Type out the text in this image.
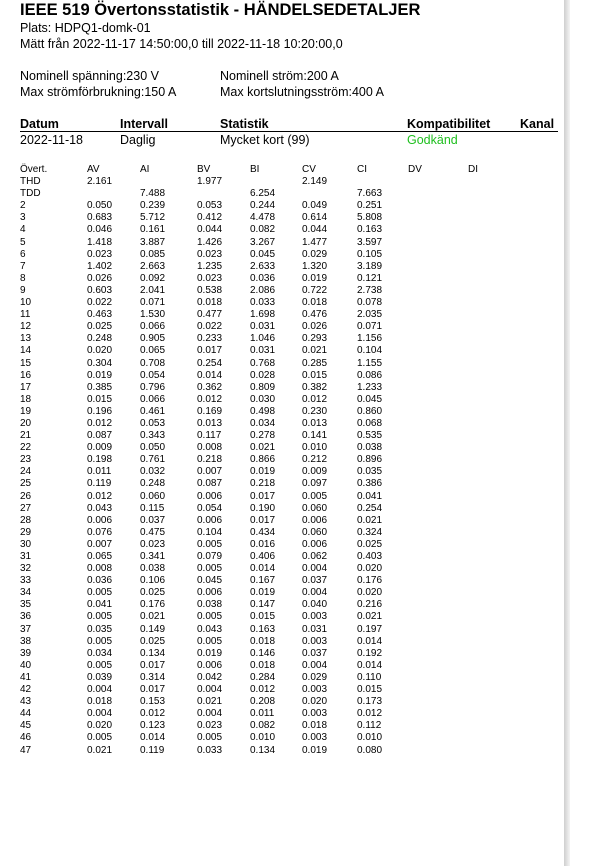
IEEE 519 Övertonsstatistik - HÄNDELSEDETALJER
Plats: HDPQ1-domk-01
Mätt från 2022-11-17 14:50:00,0 till 2022-11-18 10:20:00,0
Nominell spänning:230 V	Nominell ström:200 A
Max strömförbrukning:150 A	Max kortslutningsström:400 A
Datum	Intervall	Statistik	Kompatibilitet Kanal
2022-11-18	Daglig	Mycket kort (99)	Godkänd
Övert.	AV	AI	BV	BI	CV	CI	DV	DI
THD	2.161		1.977		2.149			
TDD		7.488		6.254		7.663		
2	0.050	0.239	0.053	0.244	0.049	0.251		
3	0.683	5.712	0.412	4.478	0.614	5.808		
4	0.046	0.161	0.044	0.082	0.044	0.163		
5	1.418	3.887	1.426	3.267	1.477	3.597		
6	0.023	0.085	0.023	0.045	0.029	0.105		
7	1.402	2.663	1.235	2.633	1.320	3.189		
8	0.026	0.092	0.023	0.036	0.019	0.121		
9	0.603	2.041	0.538	2.086	0.722	2.738		
10	0.022	0.071	0.018	0.033	0.018	0.078		
11	0.463	1.530	0.477	1.698	0.476	2.035		
12	0.025	0.066	0.022	0.031	0.026	0.071		
13	0.248	0.905	0.233	1.046	0.293	1.156		
14	0.020	0.065	0.017	0.031	0.021	0.104		
15	0.304	0.708	0.254	0.768	0.285	1.155		
16	0.019	0.054	0.014	0.028	0.015	0.086		
17	0.385	0.796	0.362	0.809	0.382	1.233		
18	0.015	0.066	0.012	0.030	0.012	0.045		
19	0.196	0.461	0.169	0.498	0.230	0.860		
20	0.012	0.053	0.013	0.034	0.013	0.068		
21	0.087	0.343	0.117	0.278	0.141	0.535		
22	0.009	0.050	0.008	0.021	0.010	0.038		
23	0.198	0.761	0.218	0.866	0.212	0.896		
24	0.011	0.032	0.007	0.019	0.009	0.035		
25	0.119	0.248	0.087	0.218	0.097	0.386		
26	0.012	0.060	0.006	0.017	0.005	0.041		
27	0.043	0.115	0.054	0.190	0.060	0.254		
28	0.006	0.037	0.006	0.017	0.006	0.021		
29	0.076	0.475	0.104	0.434	0.060	0.324		
30	0.007	0.023	0.005	0.016	0.006	0.025		
31	0.065	0.341	0.079	0.406	0.062	0.403		
32	0.008	0.038	0.005	0.014	0.004	0.020		
33	0.036	0.106	0.045	0.167	0.037	0.176		
34	0.005	0.025	0.006	0.019	0.004	0.020		
35	0.041	0.176	0.038	0.147	0.040	0.216		
36	0.005	0.021	0.005	0.015	0.003	0.021		
37	0.035	0.149	0.043	0.163	0.031	0.197		
38	0.005	0.025	0.005	0.018	0.003	0.014		
39	0.034	0.134	0.019	0.146	0.037	0.192		
40	0.005	0.017	0.006	0.018	0.004	0.014		
41	0.039	0.314	0.042	0.284	0.029	0.110		
42	0.004	0.017	0.004	0.012	0.003	0.015		
43	0.018	0.153	0.021	0.208	0.020	0.173		
44	0.004	0.012	0.004	0.011	0.003	0.012		
45	0.020	0.123	0.023	0.082	0.018	0.112		
46	0.005	0.014	0.005	0.010	0.003	0.010		
47	0.021	0.119	0.033	0.134	0.019	0.080		
